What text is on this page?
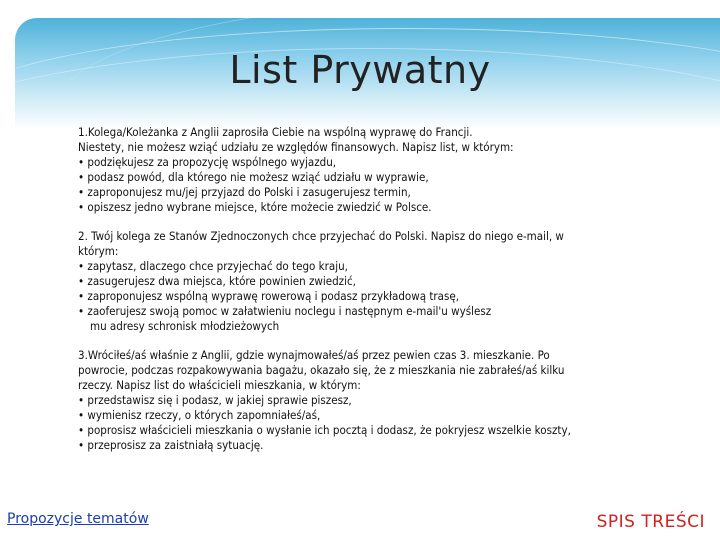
List Prywatny
1.Kolega/Koleżanka z Anglii zaprosiła Ciebie na wspólną wyprawę do Francji.
Niestety, nie możesz wziąć udziału ze względów finansowych. Napisz list, w którym:
• podziękujesz za propozycję wspólnego wyjazdu,
• podasz powód, dla którego nie możesz wziąć udziału w wyprawie,
• zaproponujesz mu/jej przyjazd do Polski i zasugerujesz termin,
• opiszesz jedno wybrane miejsce, które możecie zwiedzić w Polsce.
2. Twój kolega ze Stanów Zjednoczonych chce przyjechać do Polski. Napisz do niego e-mail, w
którym:
• zapytasz, dlaczego chce przyjechać do tego kraju,
• zasugerujesz dwa miejsca, które powinien zwiedzić,
• zaproponujesz wspólną wyprawę rowerową i podasz przykładową trasę,
• zaoferujesz swoją pomoc w załatwieniu noclegu i następnym e-mail'u wyślesz
mu adresy schronisk młodzieżowych
3.Wróciłeś/aś właśnie z Anglii, gdzie wynajmowałeś/aś przez pewien czas 3. mieszkanie. Po
powrocie, podczas rozpakowywania bagażu, okazało się, że z mieszkania nie zabrałeś/aś kilku
rzeczy. Napisz list do właścicieli mieszkania, w którym:
• przedstawisz się i podasz, w jakiej sprawie piszesz,
• wymienisz rzeczy, o których zapomniałeś/aś,
• poprosisz właścicieli mieszkania o wysłanie ich pocztą i dodasz, że pokryjesz wszelkie koszty,
• przeprosisz za zaistniałą sytuację.
Propozycje tematów	SPIS TREŚCI
